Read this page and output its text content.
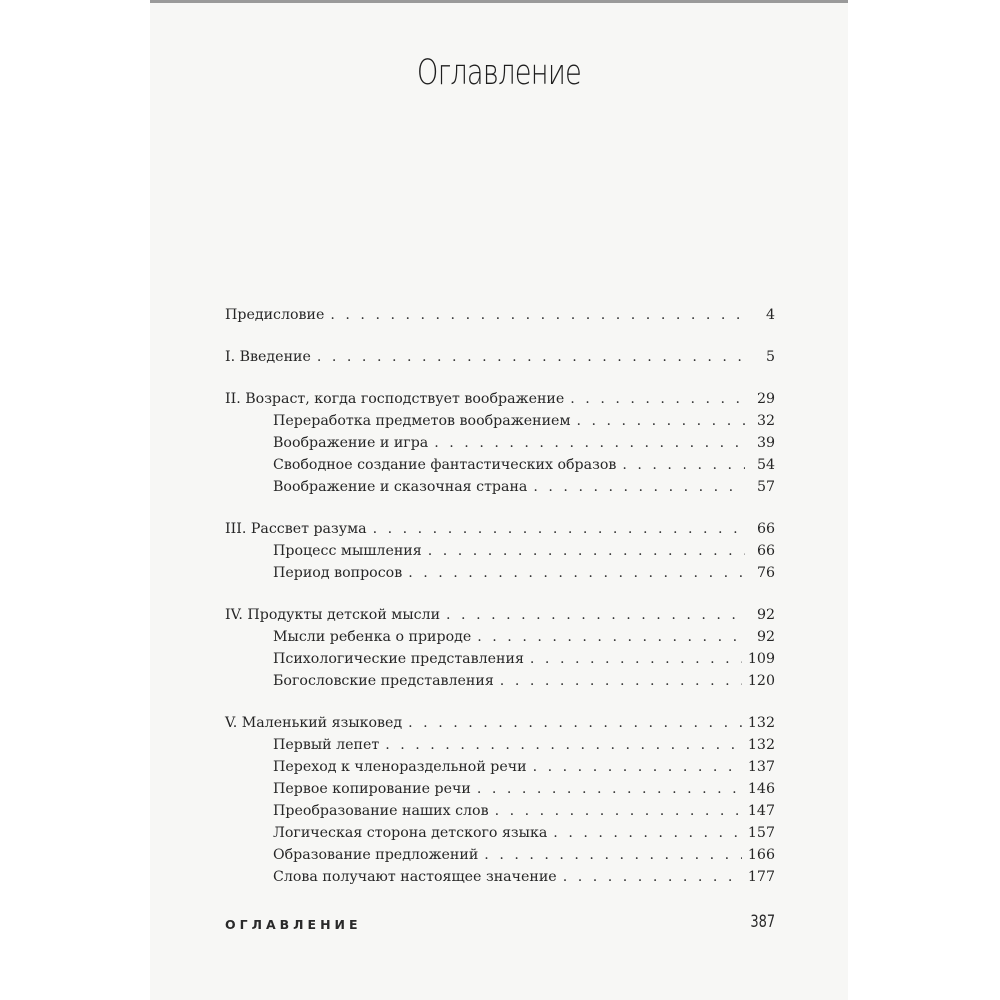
Оглавление
Предисловие . . .	4
I. Введение . . .	5
II. Возраст, когда господствует воображение . . .	29
Переработка предметов воображением . . .	32
Воображение и игра . . .	39
Свободное создание фантастических образов . . .	54
Воображение и сказочная страна . . .	57
III. Рассвет разума . . .	66
Процесс мышления . . .	66
Период вопросов . . .	76
IV. Продукты детской мысли . . .	92
Мысли ребенка о природе . . .	92
Психологические представления . . .	109
Богословские представления . . .	120
V. Маленький языковед . . .	132
Первый лепет . . .	132
Переход к членораздельной речи . . .	137
Первое копирование речи . . .	146
Преобразование наших слов . . .	147
Логическая сторона детского языка . . .	157
Образование предложений . . .	166
Слова получают настоящее значение . . .	177
ОГЛАВЛЕНИЕ	387
